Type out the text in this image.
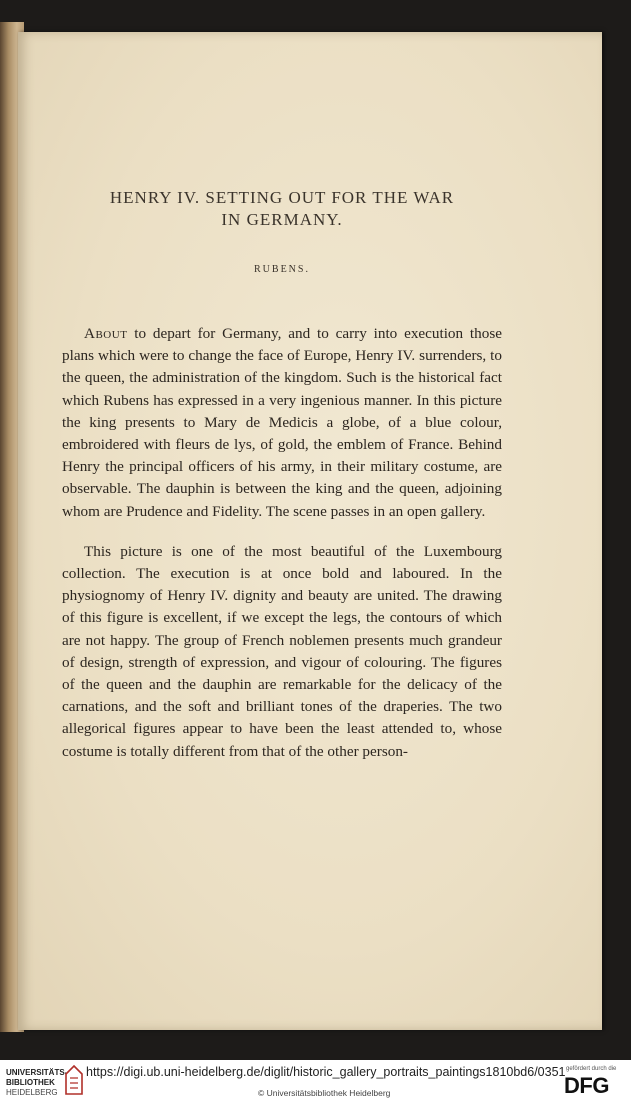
HENRY IV. SETTING OUT FOR THE WAR
IN GERMANY.

RUBENS.

About to depart for Germany, and to carry into execution those plans which were to change the face of Europe, Henry IV. surrenders, to the queen, the administration of the kingdom. Such is the historical fact which Rubens has expressed in a very ingenious manner. In this picture the king presents to Mary de Medicis a globe, of a blue colour, embroidered with fleurs de lys, of gold, the emblem of France. Behind Henry the principal officers of his army, in their military costume, are observable. The dauphin is between the king and the queen, adjoining whom are Prudence and Fidelity. The scene passes in an open gallery.

This picture is one of the most beautiful of the Luxembourg collection. The execution is at once bold and laboured. In the physiognomy of Henry IV. dignity and beauty are united. The drawing of this figure is excellent, if we except the legs, the contours of which are not happy. The group of French noblemen presents much grandeur of design, strength of expression, and vigour of colouring. The figures of the queen and the dauphin are remarkable for the delicacy of the carnations, and the soft and brilliant tones of the draperies. The two allegorical figures appear to have been the least attended to, whose costume is totally different from that of the other person-

UNIVERSITÄTS-
BIBLIOTHEK
HEIDELBERG
https://digi.ub.uni-heidelberg.de/diglit/historic_gallery_portraits_paintings1810bd6/0351
© Universitätsbibliothek Heidelberg
gefördert durch die
DFG
